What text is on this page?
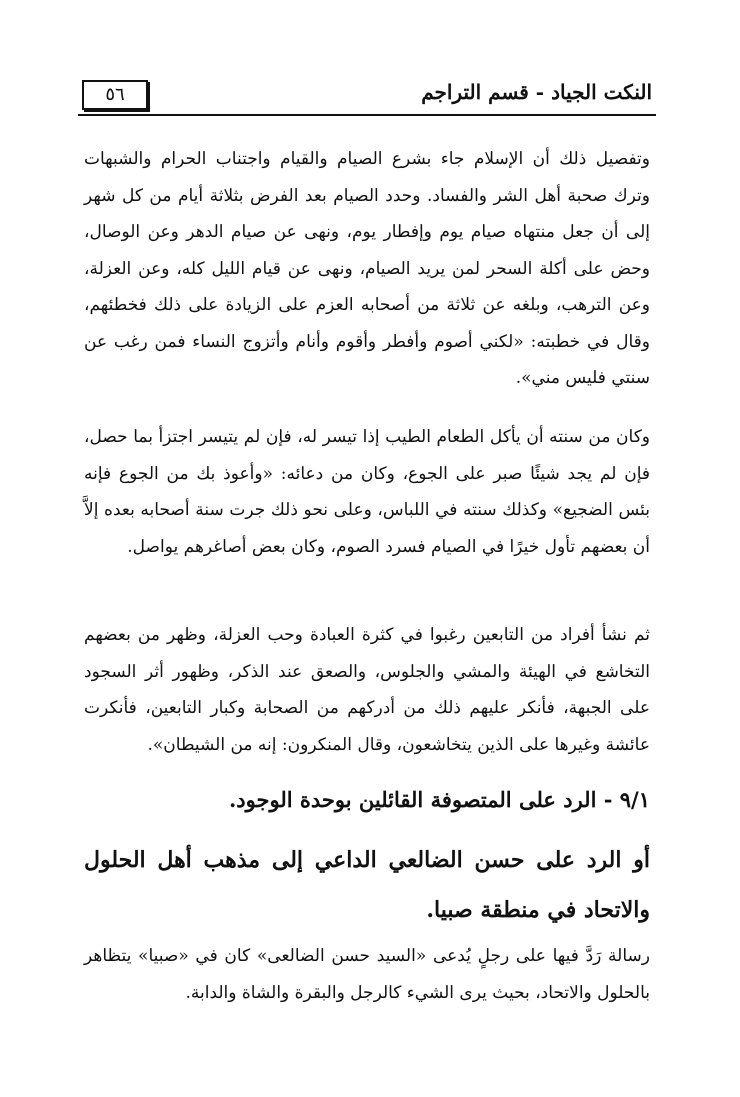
النكت الجياد - قسم التراجم
٥٦

وتفصيل ذلك أن الإسلام جاء بشرع الصيام والقيام واجتناب الحرام والشبهات وترك صحبة أهل الشر والفساد. وحدد الصيام بعد الفرض بثلاثة أيام من كل شهر إلى أن جعل منتهاه صيام يوم وإفطار يوم، ونهى عن صيام الدهر وعن الوصال، وحض على أكلة السحر لمن يريد الصيام، ونهى عن قيام الليل كله، وعن العزلة، وعن الترهب، وبلغه عن ثلاثة من أصحابه العزم على الزيادة على ذلك فخطئهم، وقال في خطبته: «لكني أصوم وأفطر وأقوم وأنام وأتزوج النساء فمن رغب عن سنتي فليس مني».

وكان من سنته أن يأكل الطعام الطيب إذا تيسر له، فإن لم يتيسر اجتزأ بما حصل، فإن لم يجد شيئًا صبر على الجوع، وكان من دعائه: «وأعوذ بك من الجوع فإنه بئس الضجيع» وكذلك سنته في اللباس، وعلى نحو ذلك جرت سنة أصحابه بعده إلاَّ أن بعضهم تأول خيرًا في الصيام فسرد الصوم، وكان بعض أصاغرهم يواصل.

ثم نشأ أفراد من التابعين رغبوا في كثرة العبادة وحب العزلة، وظهر من بعضهم التخاشع في الهيئة والمشي والجلوس، والصعق عند الذكر، وظهور أثر السجود على الجبهة، فأنكر عليهم ذلك من أدركهم من الصحابة وكبار التابعين، فأنكرت عائشة وغيرها على الذين يتخاشعون، وقال المنكرون: إنه من الشيطان».

٩/١ - الرد على المتصوفة القائلين بوحدة الوجود.
أو الرد على حسن الضالعي الداعي إلى مذهب أهل الحلول والاتحاد في منطقة صبيا.

رسالة رَدَّ فيها على رجلٍ يُدعى «السيد حسن الضالعى» كان في «صبيا» يتظاهر بالحلول والاتحاد، بحيث يرى الشيء كالرجل والبقرة والشاة والدابة.
